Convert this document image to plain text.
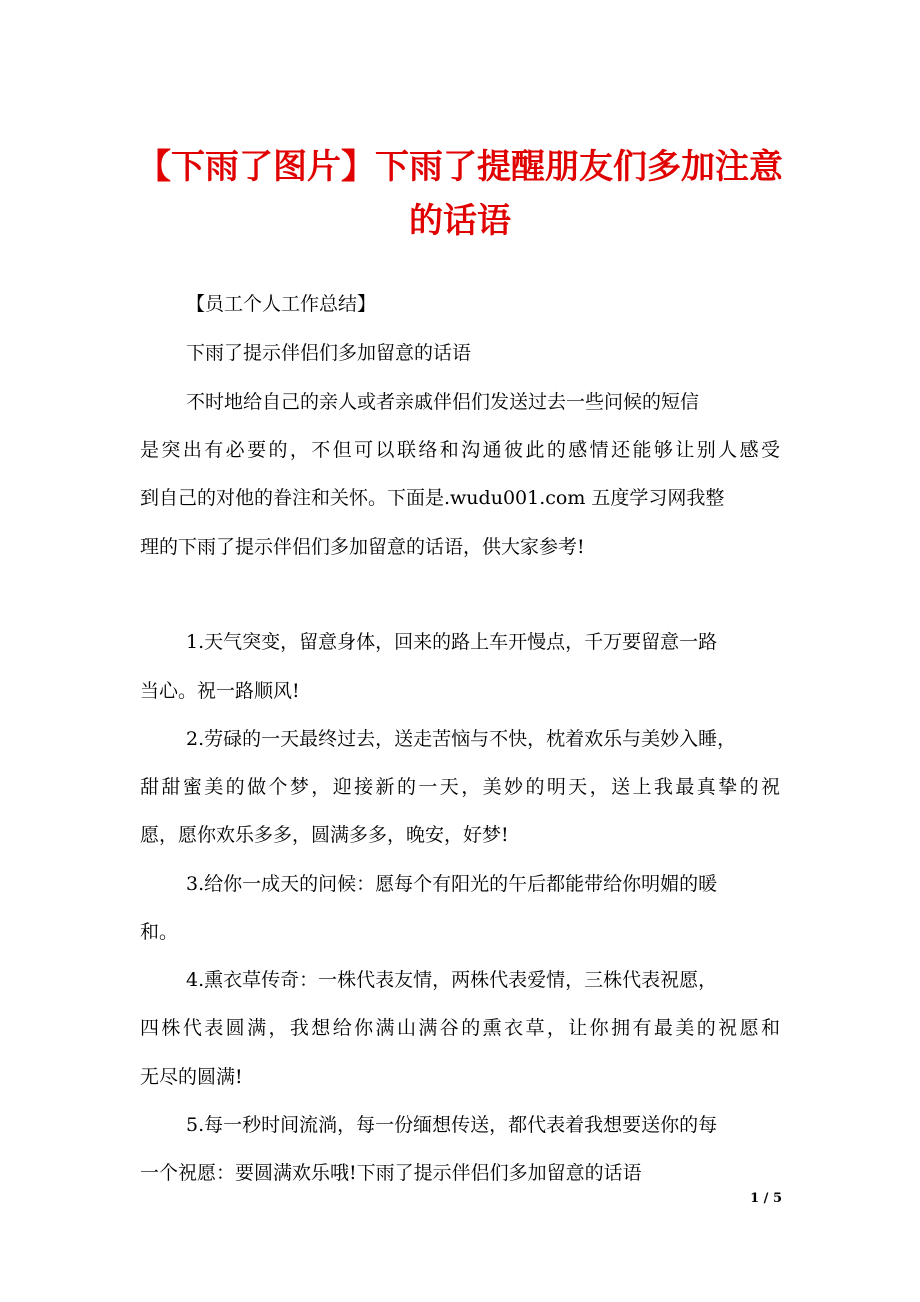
【下雨了图片】下雨了提醒朋友们多加注意
的话语
【员工个人工作总结】
下雨了提示伴侣们多加留意的话语
不时地给自己的亲人或者亲戚伴侣们发送过去一些问候的短信
是突出有必要的，不但可以联络和沟通彼此的感情还能够让别人感受
到自己的对他的眷注和关怀。下面是.wudu001.com 五度学习网我整
理的下雨了提示伴侣们多加留意的话语，供大家参考!
1.天气突变，留意身体，回来的路上车开慢点，千万要留意一路
当心。祝一路顺风!
2.劳碌的一天最终过去，送走苦恼与不快，枕着欢乐与美妙入睡，
甜甜蜜美的做个梦，迎接新的一天，美妙的明天，送上我最真挚的祝
愿，愿你欢乐多多，圆满多多，晚安，好梦!
3.给你一成天的问候：愿每个有阳光的午后都能带给你明媚的暖
和。
4.熏衣草传奇：一株代表友情，两株代表爱情，三株代表祝愿，
四株代表圆满，我想给你满山满谷的熏衣草，让你拥有最美的祝愿和
无尽的圆满!
5.每一秒时间流淌，每一份缅想传送，都代表着我想要送你的每
一个祝愿：要圆满欢乐哦!下雨了提示伴侣们多加留意的话语
1 / 5
